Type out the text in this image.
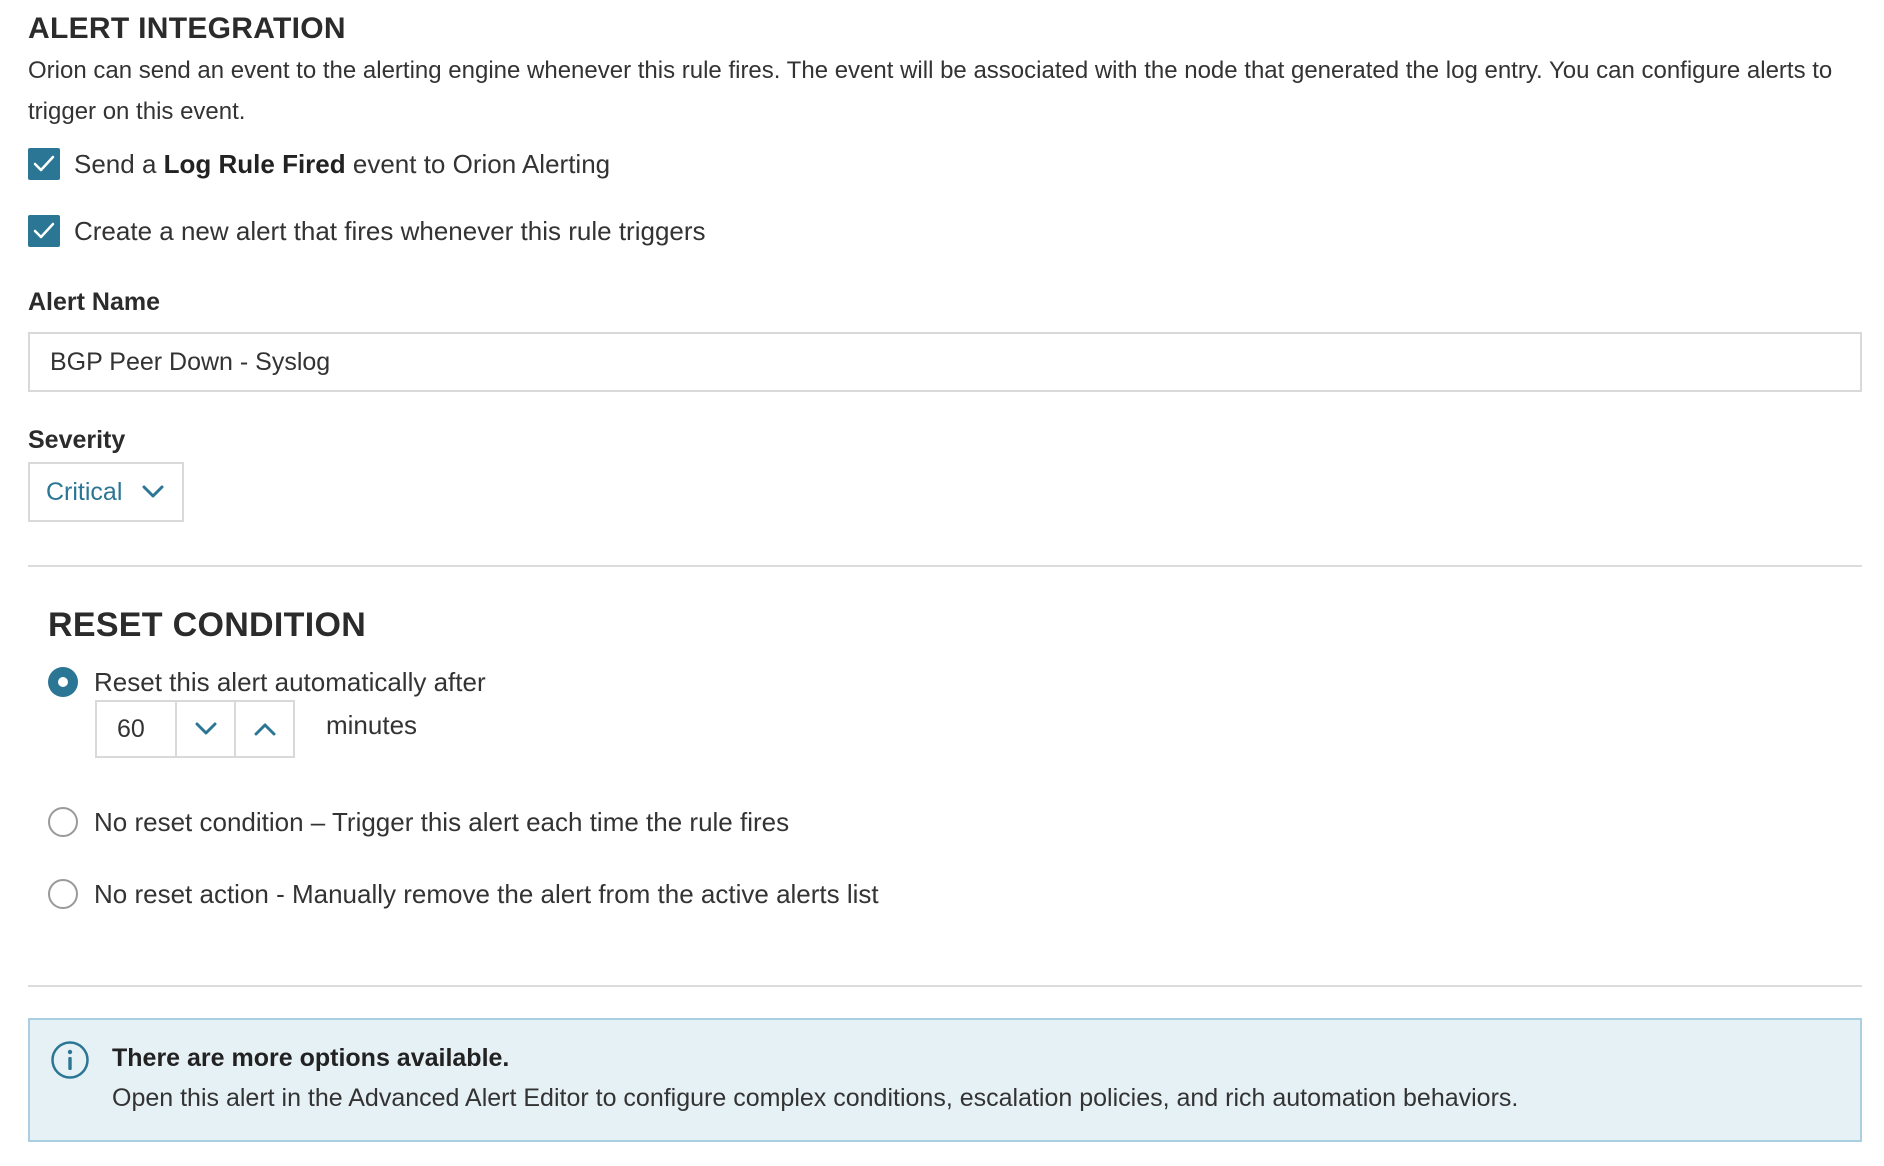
ALERT INTEGRATION

Orion can send an event to the alerting engine whenever this rule fires. The event will be associated with the node that generated the log entry. You can configure alerts to trigger on this event.

Send a Log Rule Fired event to Orion Alerting
Create a new alert that fires whenever this rule triggers
Alert Name
BGP Peer Down - Syslog
Severity
Critical
RESET CONDITION
Reset this alert automatically after
60
minutes
No reset condition – Trigger this alert each time the rule fires
No reset action - Manually remove the alert from the active alerts list
There are more options available.
Open this alert in the Advanced Alert Editor to configure complex conditions, escalation policies, and rich automation behaviors.
